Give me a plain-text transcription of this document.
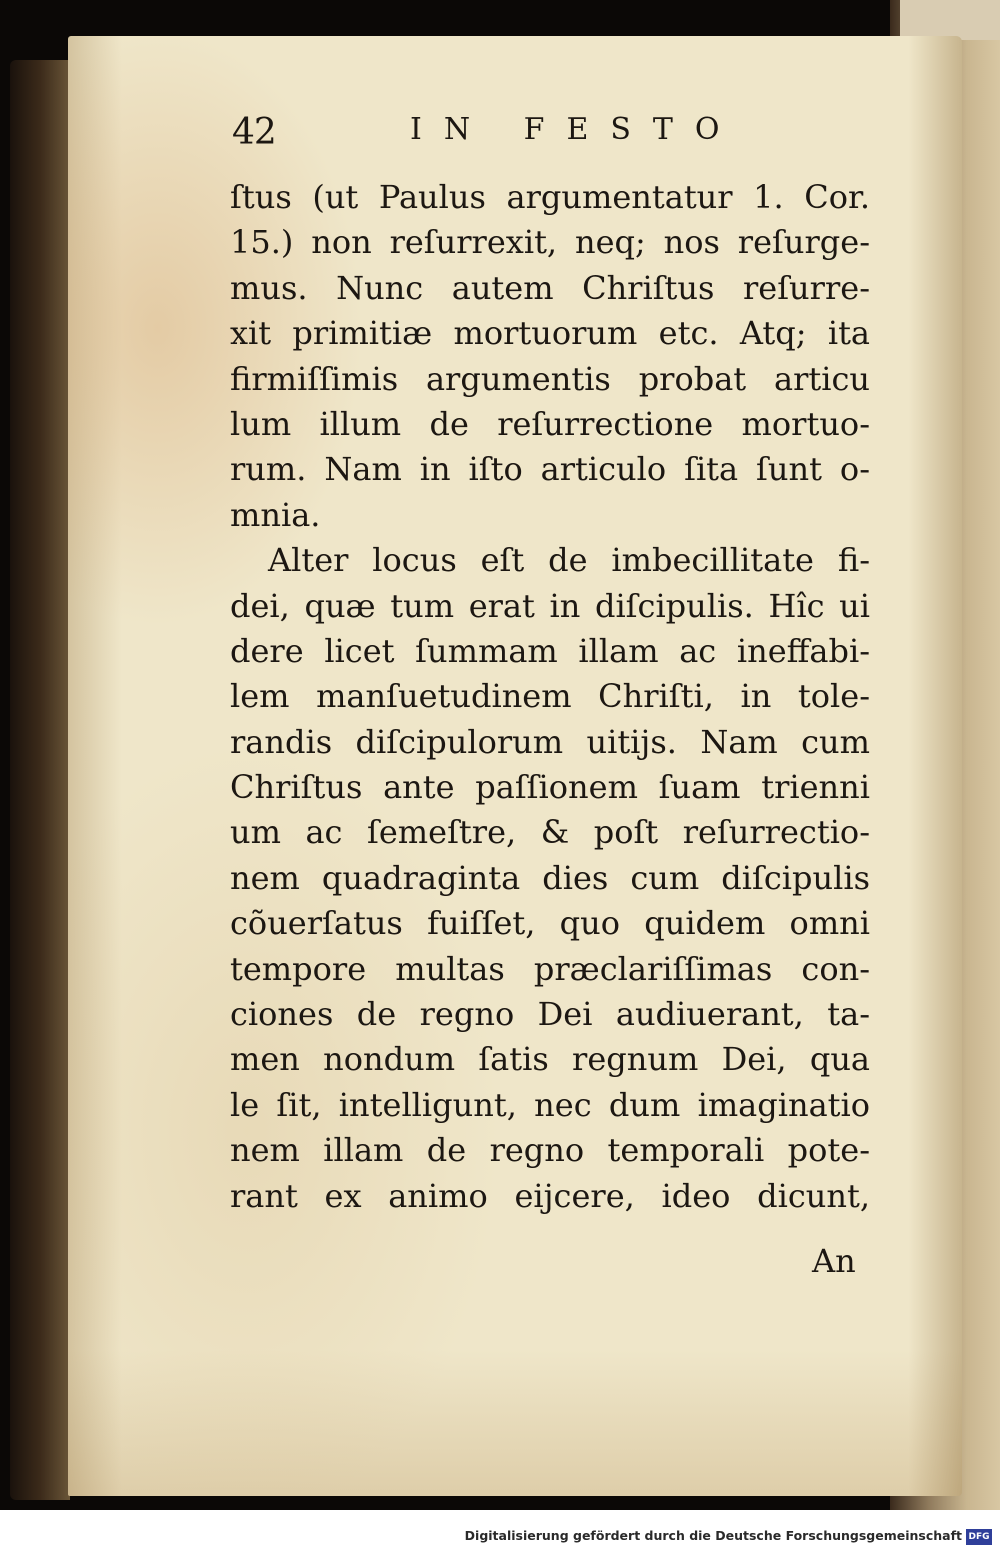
42	IN FESTO
ſtus (ut Paulus argumentatur 1. Cor.
15.) non reſurrexit, neq; nos reſurge-
mus. Nunc autem Chriſtus reſurre-
xit primitiæ mortuorum etc. Atq; ita
firmiſſimis argumentis probat articu
lum illum de reſurrectione mortuo-
rum. Nam in iſto articulo ſita ſunt o-
mnia.
Alter locus eſt de imbecillitate fi-
dei, quæ tum erat in diſcipulis. Hîc ui
dere licet ſummam illam ac ineffabi-
lem manſuetudinem Chriſti, in tole-
randis diſcipulorum uitijs. Nam cum
Chriſtus ante paſſionem ſuam trienni
um ac ſemeſtre, & poſt reſurrectio-
nem quadraginta dies cum diſcipulis
cõuerſatus fuiſſet, quo quidem omni
tempore multas præclariſſimas con-
ciones de regno Dei audiuerant, ta-
men nondum ſatis regnum Dei, qua
le ſit, intelligunt, nec dum imaginatio
nem illam de regno temporali pote-
rant ex animo eijcere, ideo dicunt,
An
Digitalisierung gefördert durch die Deutsche Forschungsgemeinschaft DFG
